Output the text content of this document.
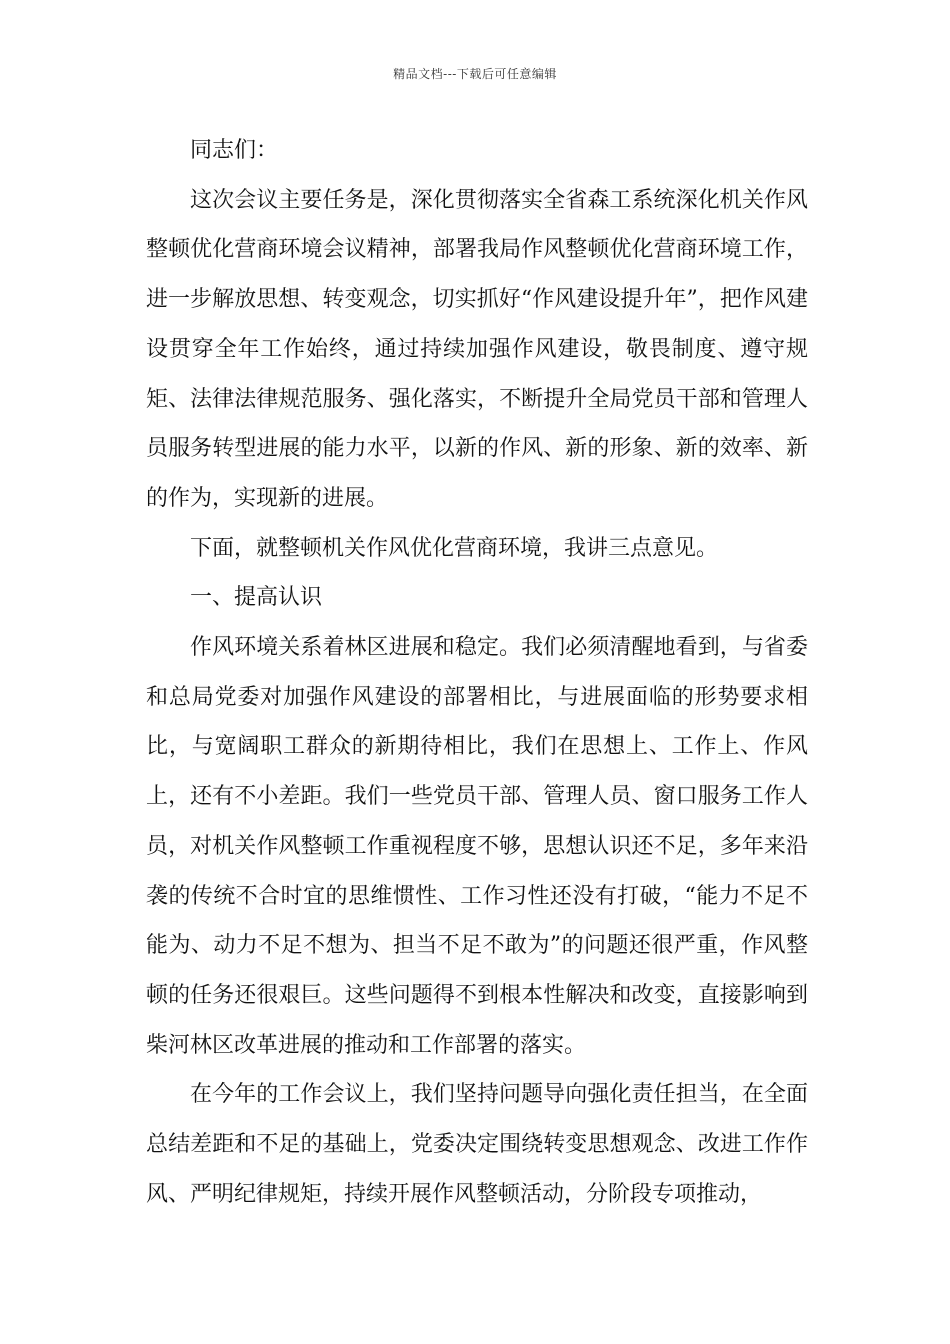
精品文档---下载后可任意编辑

同志们：

这次会议主要任务是，深化贯彻落实全省森工系统深化机关作风整顿优化营商环境会议精神，部署我局作风整顿优化营商环境工作，进一步解放思想、转变观念，切实抓好“作风建设提升年”，把作风建设贯穿全年工作始终，通过持续加强作风建设，敬畏制度、遵守规矩、法律法律规范服务、强化落实，不断提升全局党员干部和管理人员服务转型进展的能力水平，以新的作风、新的形象、新的效率、新的作为，实现新的进展。

下面，就整顿机关作风优化营商环境，我讲三点意见。

一、提高认识

作风环境关系着林区进展和稳定。我们必须清醒地看到，与省委和总局党委对加强作风建设的部署相比，与进展面临的形势要求相比，与宽阔职工群众的新期待相比，我们在思想上、工作上、作风上，还有不小差距。我们一些党员干部、管理人员、窗口服务工作人员，对机关作风整顿工作重视程度不够，思想认识还不足，多年来沿袭的传统不合时宜的思维惯性、工作习性还没有打破，“能力不足不能为、动力不足不想为、担当不足不敢为”的问题还很严重，作风整顿的任务还很艰巨。这些问题得不到根本性解决和改变，直接影响到柴河林区改革进展的推动和工作部署的落实。

在今年的工作会议上，我们坚持问题导向强化责任担当，在全面总结差距和不足的基础上，党委决定围绕转变思想观念、改进工作作风、严明纪律规矩，持续开展作风整顿活动，分阶段专项推动，
